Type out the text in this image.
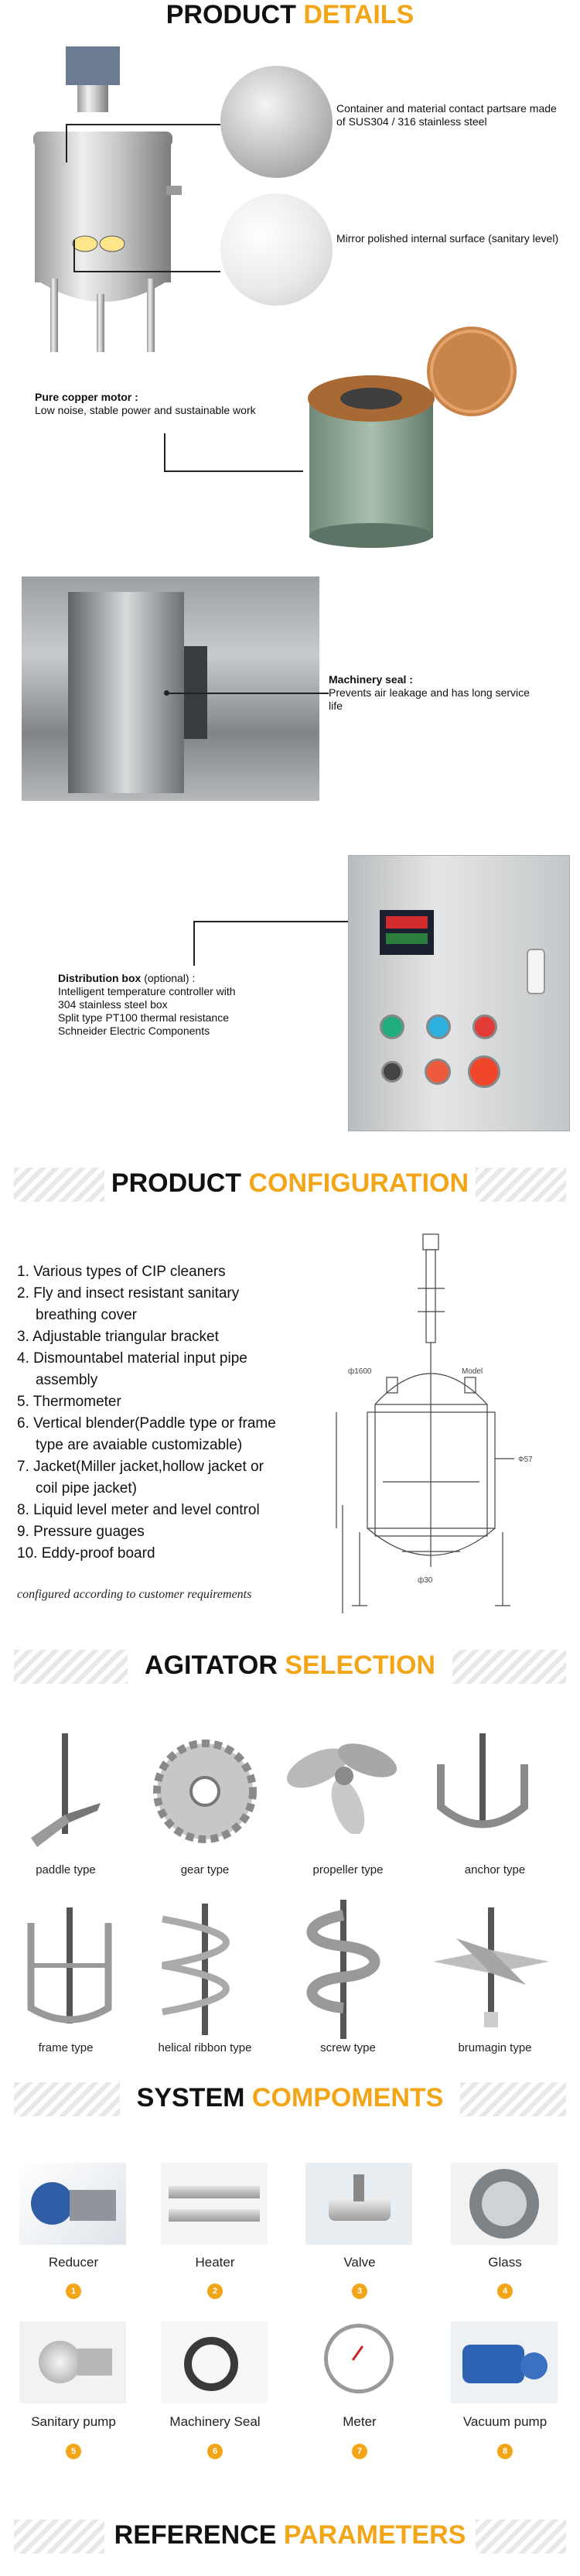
PRODUCT DETAILS
Container and material contact partsare made of SUS304 / 316 stainless steel
Mirror polished internal surface (sanitary level)
Pure copper motor :
Low noise, stable power and sustainable work
Machinery seal :
Prevents air leakage and has long service life
Distribution box (optional) :
Intelligent temperature controller with
304 stainless steel box
Split type PT100 thermal resistance
Schneider Electric Components
PRODUCT CONFIGURATION
1. Various types of CIP cleaners
2. Fly and insect resistant sanitary
breathing cover
3. Adjustable triangular bracket
4. Dismountabel material input pipe
assembly
5. Thermometer
6. Vertical blender(Paddle type or frame
type are avaiable customizable)
7. Jacket(Miller jacket,hollow jacket or
coil pipe jacket)
8. Liquid level meter and level control
9. Pressure guages
10. Eddy-proof board
configured according to customer requirements
ф1600	Model
Ф57
ф30
AGITATOR SELECTION
paddle type	gear type	propeller type	anchor type
frame type	helical ribbon type	screw type	brumagin type
SYSTEM COMPOMENTS
Reducer	Heater	Valve	Glass
1	2	3	4
Sanitary pump	Machinery Seal	Meter	Vacuum pump
5	6	7	8
REFERENCE PARAMETERS
